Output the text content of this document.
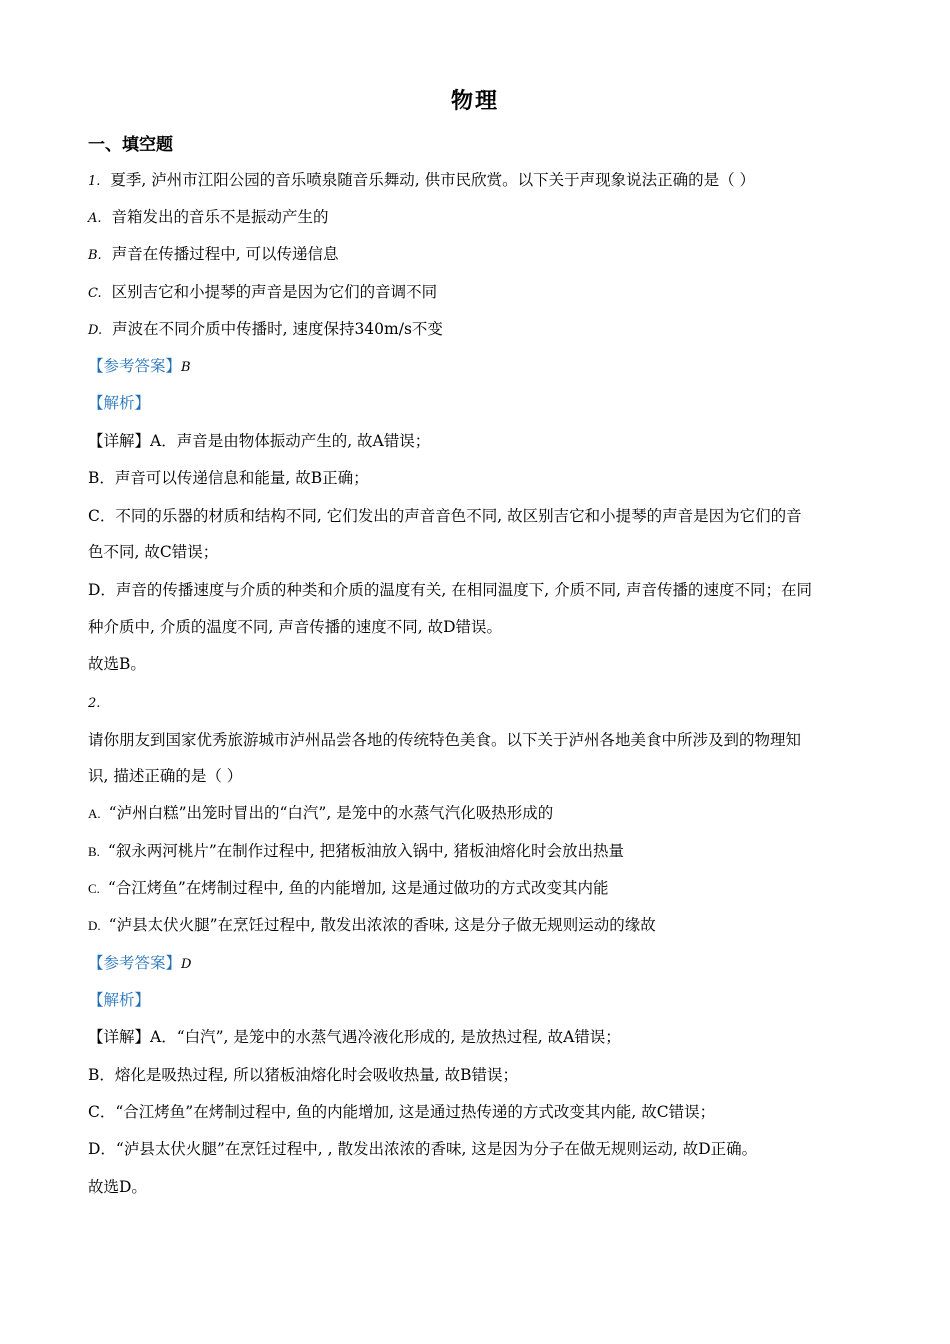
物理
一、填空题
1. 夏季, 泸州市江阳公园的音乐喷泉随音乐舞动, 供市民欣赏。以下关于声现象说法正确的是（ ）
A. 音箱发出的音乐不是振动产生的
B. 声音在传播过程中, 可以传递信息
C. 区别吉它和小提琴的声音是因为它们的音调不同
D. 声波在不同介质中传播时, 速度保持340m/s不变
【参考答案】B
【解析】
【详解】A．声音是由物体振动产生的, 故A错误；
B．声音可以传递信息和能量, 故B正确；
C．不同的乐器的材质和结构不同, 它们发出的声音音色不同, 故区别吉它和小提琴的声音是因为它们的音
色不同, 故C错误；
D．声音的传播速度与介质的种类和介质的温度有关, 在相同温度下, 介质不同, 声音传播的速度不同；在同
种介质中, 介质的温度不同, 声音传播的速度不同, 故D错误。
故选B。
2.
请你朋友到国家优秀旅游城市泸州品尝各地的传统特色美食。以下关于泸州各地美食中所涉及到的物理知
识, 描述正确的是（ ）
A. “泸州白糕”出笼时冒出的“白汽”, 是笼中的水蒸气汽化吸热形成的
B. “叙永两河桃片”在制作过程中, 把猪板油放入锅中, 猪板油熔化时会放出热量
C. “合江烤鱼”在烤制过程中, 鱼的内能增加, 这是通过做功的方式改变其内能
D. “泸县太伏火腿”在烹饪过程中, 散发出浓浓的香味, 这是分子做无规则运动的缘故
【参考答案】D
【解析】
【详解】A．“白汽”, 是笼中的水蒸气遇冷液化形成的, 是放热过程, 故A错误；
B．熔化是吸热过程, 所以猪板油熔化时会吸收热量, 故B错误；
C．“合江烤鱼”在烤制过程中, 鱼的内能增加, 这是通过热传递的方式改变其内能, 故C错误；
D．“泸县太伏火腿”在烹饪过程中, , 散发出浓浓的香味, 这是因为分子在做无规则运动, 故D正确。
故选D。
